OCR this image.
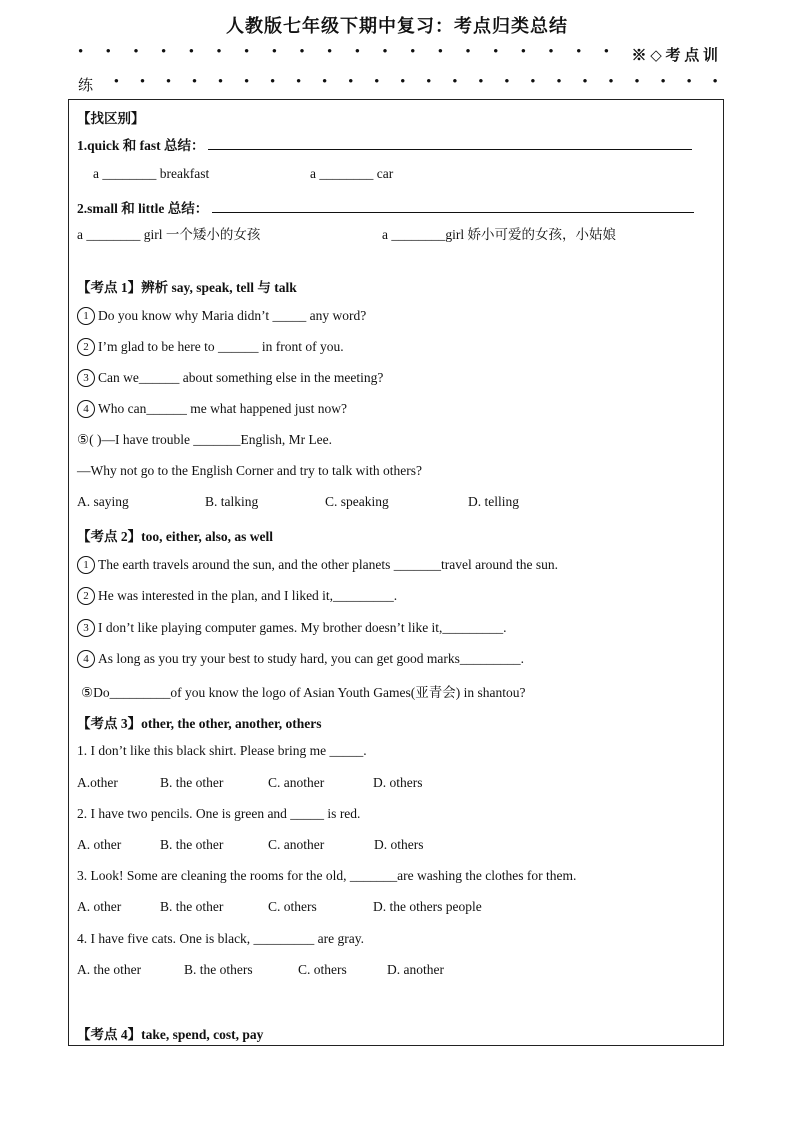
人教版七年级下期中复习：考点归类总结
• • • • • • • • • • • • • • • • • • • • ※ ◇ 考 点 训
练 • • • • • • • • • • • • • • • • • • • • • • • •
【找区别】
1.quick 和 fast 总结：
a ________ breakfast	a ________ car
2.small 和 little 总结：
a ________ girl 一个矮小的女孩	a ________girl 娇小可爱的女孩，小姑娘
【考点 1】辨析 say, speak, tell 与 talk
1 Do you know why Maria didn’t _____ any word?
2 I’m glad to be here to ______ in front of you.
3 Can we______ about something else in the meeting?
4 Who can______ me what happened just now?
⑤( )—I have trouble _______English, Mr Lee.
—Why not go to the English Corner and try to talk with others?
A. saying	B. talking	C. speaking	D. telling
【考点 2】too, either, also, as well
1 The earth travels around the sun, and the other planets _______travel around the sun.
2 He was interested in the plan, and I liked it,_________.
3 I don’t like playing computer games. My brother doesn’t like it,_________.
4 As long as you try your best to study hard, you can get good marks_________.
⑤Do_________of you know the logo of Asian Youth Games(亚青会) in shantou?
【考点 3】other, the other, another, others
1. I don’t like this black shirt. Please bring me _____.
A.other	B. the other	C. another	D. others
2. I have two pencils. One is green and _____ is red.
A. other	B. the other	C. another	D. others
3. Look! Some are cleaning the rooms for the old, _______are washing the clothes for them.
A. other	B. the other	C. others	D. the others people
4. I have five cats. One is black, _________ are gray.
A. the other	B. the others	C. others	D. another
【考点 4】take, spend, cost, pay
